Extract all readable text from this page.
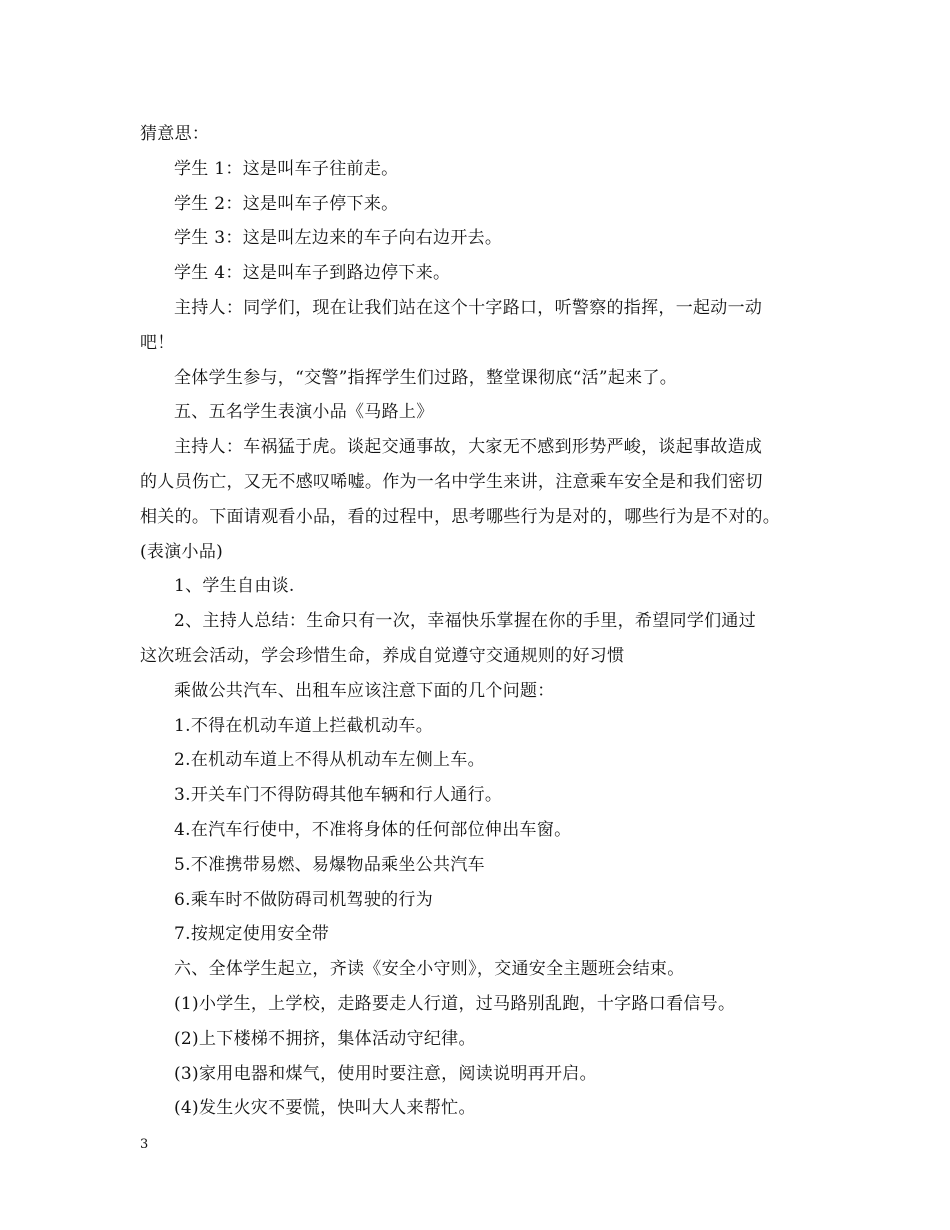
猜意思：
学生 1：这是叫车子往前走。
学生 2：这是叫车子停下来。
学生 3：这是叫左边来的车子向右边开去。
学生 4：这是叫车子到路边停下来。
主持人：同学们，现在让我们站在这个十字路口，听警察的指挥，一起动一动
吧！
全体学生参与，“交警”指挥学生们过路，整堂课彻底“活”起来了。
五、五名学生表演小品《马路上》
主持人：车祸猛于虎。谈起交通事故，大家无不感到形势严峻，谈起事故造成
的人员伤亡，又无不感叹唏嘘。作为一名中学生来讲，注意乘车安全是和我们密切
相关的。下面请观看小品，看的过程中，思考哪些行为是对的，哪些行为是不对的。
(表演小品)
1、学生自由谈.
2、主持人总结：生命只有一次，幸福快乐掌握在你的手里，希望同学们通过
这次班会活动，学会珍惜生命，养成自觉遵守交通规则的好习惯
乘做公共汽车、出租车应该注意下面的几个问题：
1.不得在机动车道上拦截机动车。
2.在机动车道上不得从机动车左侧上车。
3.开关车门不得防碍其他车辆和行人通行。
4.在汽车行使中，不准将身体的任何部位伸出车窗。
5.不准携带易燃、易爆物品乘坐公共汽车
6.乘车时不做防碍司机驾驶的行为
7.按规定使用安全带
六、全体学生起立，齐读《安全小守则》，交通安全主题班会结束。
(1)小学生，上学校，走路要走人行道，过马路别乱跑，十字路口看信号。
(2)上下楼梯不拥挤，集体活动守纪律。
(3)家用电器和煤气，使用时要注意，阅读说明再开启。
(4)发生火灾不要慌，快叫大人来帮忙。
3
